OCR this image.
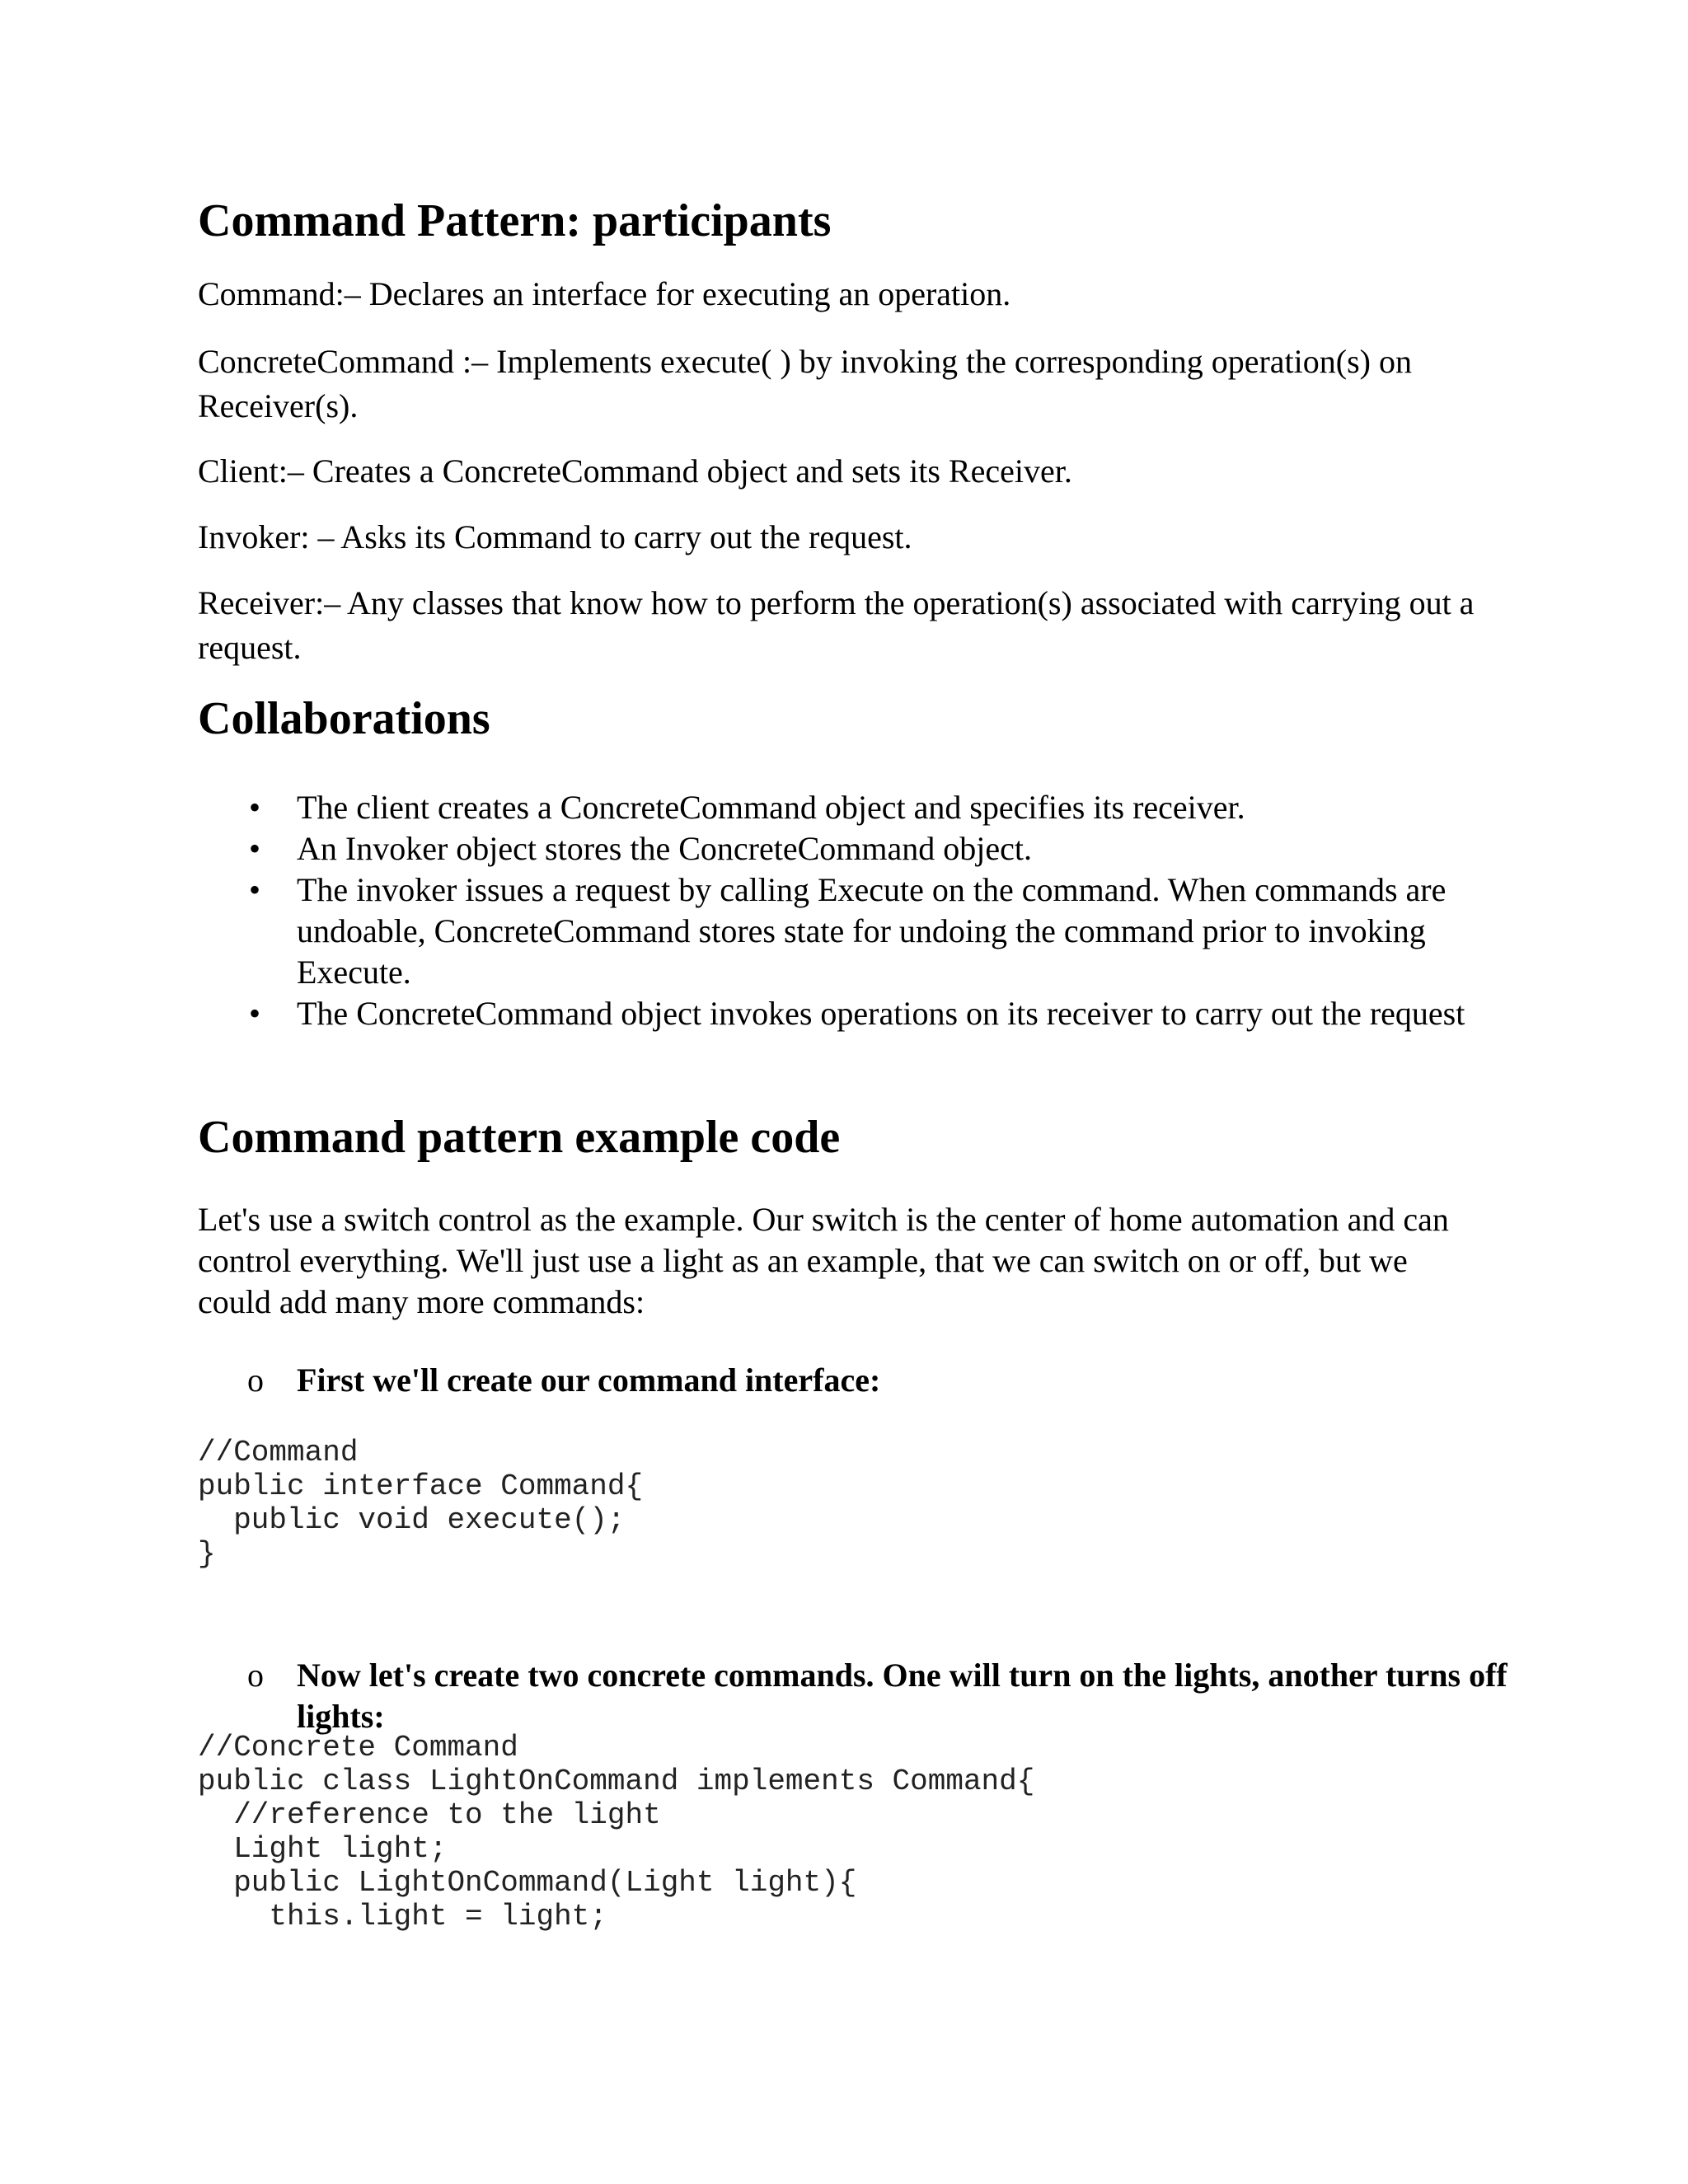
Command Pattern: participants

Command:– Declares an interface for executing an operation.

ConcreteCommand :– Implements execute( ) by invoking the corresponding operation(s) on Receiver(s).

Client:– Creates a ConcreteCommand object and sets its Receiver.

Invoker: – Asks its Command to carry out the request.

Receiver:– Any classes that know how to perform the operation(s) associated with carrying out a request.

Collaborations
• The client creates a ConcreteCommand object and specifies its receiver.
• An Invoker object stores the ConcreteCommand object.
• The invoker issues a request by calling Execute on the command. When commands are undoable, ConcreteCommand stores state for undoing the command prior to invoking Execute.
• The ConcreteCommand object invokes operations on its receiver to carry out the request
Command pattern example code

Let's use a switch control as the example. Our switch is the center of home automation and can control everything. We'll just use a light as an example, that we can switch on or off, but we could add many more commands:

o First we'll create our command interface:
//Command
public interface Command{
public void execute();
}
o Now let's create two concrete commands. One will turn on the lights, another turns off lights:
//Concrete Command
public class LightOnCommand implements Command{
//reference to the light
Light light;
public LightOnCommand(Light light){
this.light = light;
